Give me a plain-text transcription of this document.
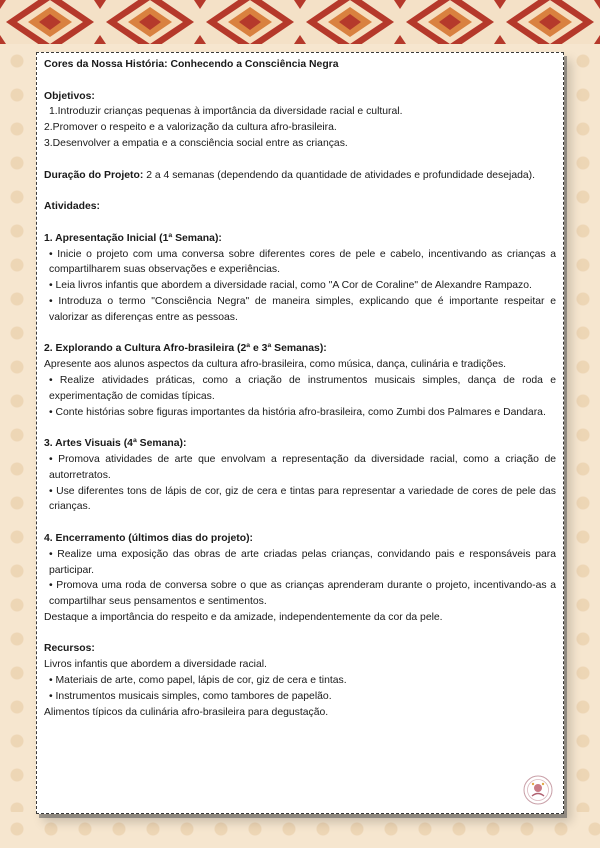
Cores da Nossa História: Conhecendo a Consciência Negra
Objetivos:
1.Introduzir crianças pequenas à importância da diversidade racial e cultural.
2.Promover o respeito e a valorização da cultura afro-brasileira.
3.Desenvolver a empatia e a consciência social entre as crianças.
Duração do Projeto: 2 a 4 semanas (dependendo da quantidade de atividades e profundidade desejada).
Atividades:
1. Apresentação Inicial (1ª Semana):
• Inicie o projeto com uma conversa sobre diferentes cores de pele e cabelo, incentivando as crianças a compartilharem suas observações e experiências.
• Leia livros infantis que abordem a diversidade racial, como "A Cor de Coraline" de Alexandre Rampazo.
• Introduza o termo "Consciência Negra" de maneira simples, explicando que é importante respeitar e valorizar as diferenças entre as pessoas.
2. Explorando a Cultura Afro-brasileira (2ª e 3ª Semanas):
Apresente aos alunos aspectos da cultura afro-brasileira, como música, dança, culinária e tradições.
• Realize atividades práticas, como a criação de instrumentos musicais simples, dança de roda e experimentação de comidas típicas.
• Conte histórias sobre figuras importantes da história afro-brasileira, como Zumbi dos Palmares e Dandara.
3. Artes Visuais (4ª Semana):
• Promova atividades de arte que envolvam a representação da diversidade racial, como a criação de autorretratos.
• Use diferentes tons de lápis de cor, giz de cera e tintas para representar a variedade de cores de pele das crianças.
4. Encerramento (últimos dias do projeto):
• Realize uma exposição das obras de arte criadas pelas crianças, convidando pais e responsáveis para participar.
• Promova uma roda de conversa sobre o que as crianças aprenderam durante o projeto, incentivando-as a compartilhar seus pensamentos e sentimentos.
Destaque a importância do respeito e da amizade, independentemente da cor da pele.
Recursos:
Livros infantis que abordem a diversidade racial.
• Materiais de arte, como papel, lápis de cor, giz de cera e tintas.
• Instrumentos musicais simples, como tambores de papelão.
Alimentos típicos da culinária afro-brasileira para degustação.
